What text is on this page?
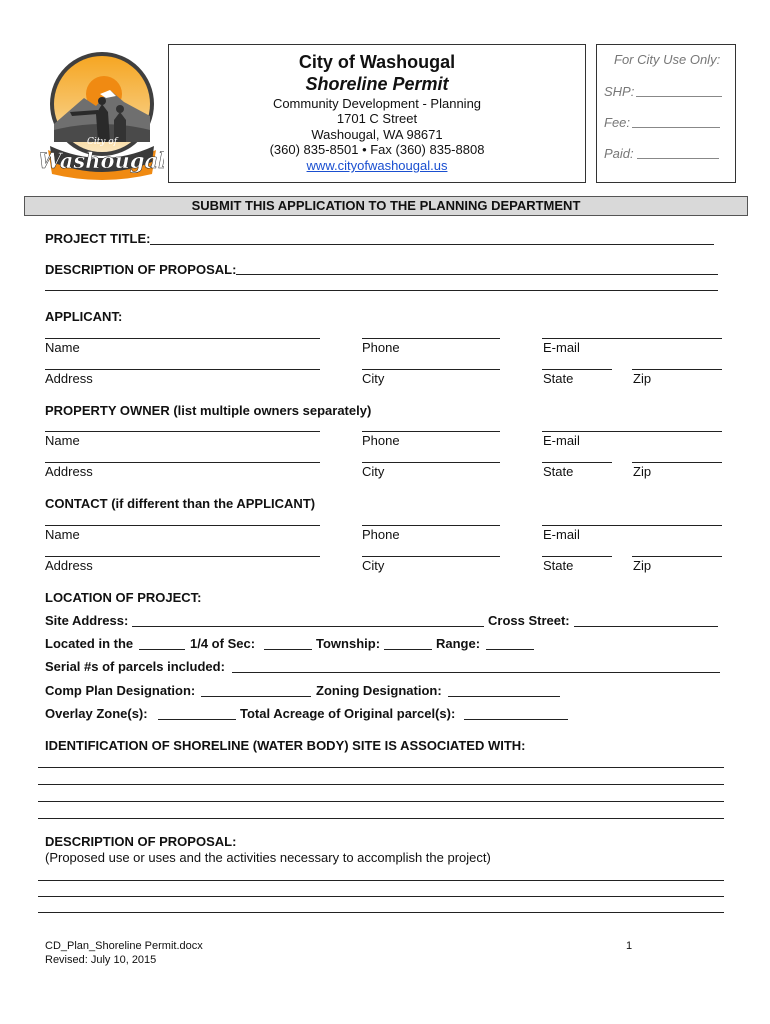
City of
Washougal
City of Washougal
Shoreline Permit
Community Development - Planning
1701 C Street
Washougal, WA 98671
(360) 835-8501 • Fax (360) 835-8808
www.cityofwashougal.us
For City Use Only:
SHP:
Fee:
Paid:
SUBMIT THIS APPLICATION TO THE PLANNING DEPARTMENT
PROJECT TITLE:
DESCRIPTION OF PROPOSAL:
APPLICANT:
Name	Phone	E-mail
Address	City	State	Zip
PROPERTY OWNER (list multiple owners separately)
Name	Phone	E-mail
Address	City	State	Zip
CONTACT (if different than the APPLICANT)
Name	Phone	E-mail
Address	City	State	Zip
LOCATION OF PROJECT:
Site Address:	Cross Street:
Located in the	1/4 of Sec:	Township:	Range:
Serial #s of parcels included:
Comp Plan Designation:	Zoning Designation:
Overlay Zone(s):	Total Acreage of Original parcel(s):
IDENTIFICATION OF SHORELINE (WATER BODY) SITE IS ASSOCIATED WITH:
DESCRIPTION OF PROPOSAL:
(Proposed use or uses and the activities necessary to accomplish the project)
CD_Plan_Shoreline Permit.docx
Revised: July 10, 2015
1
